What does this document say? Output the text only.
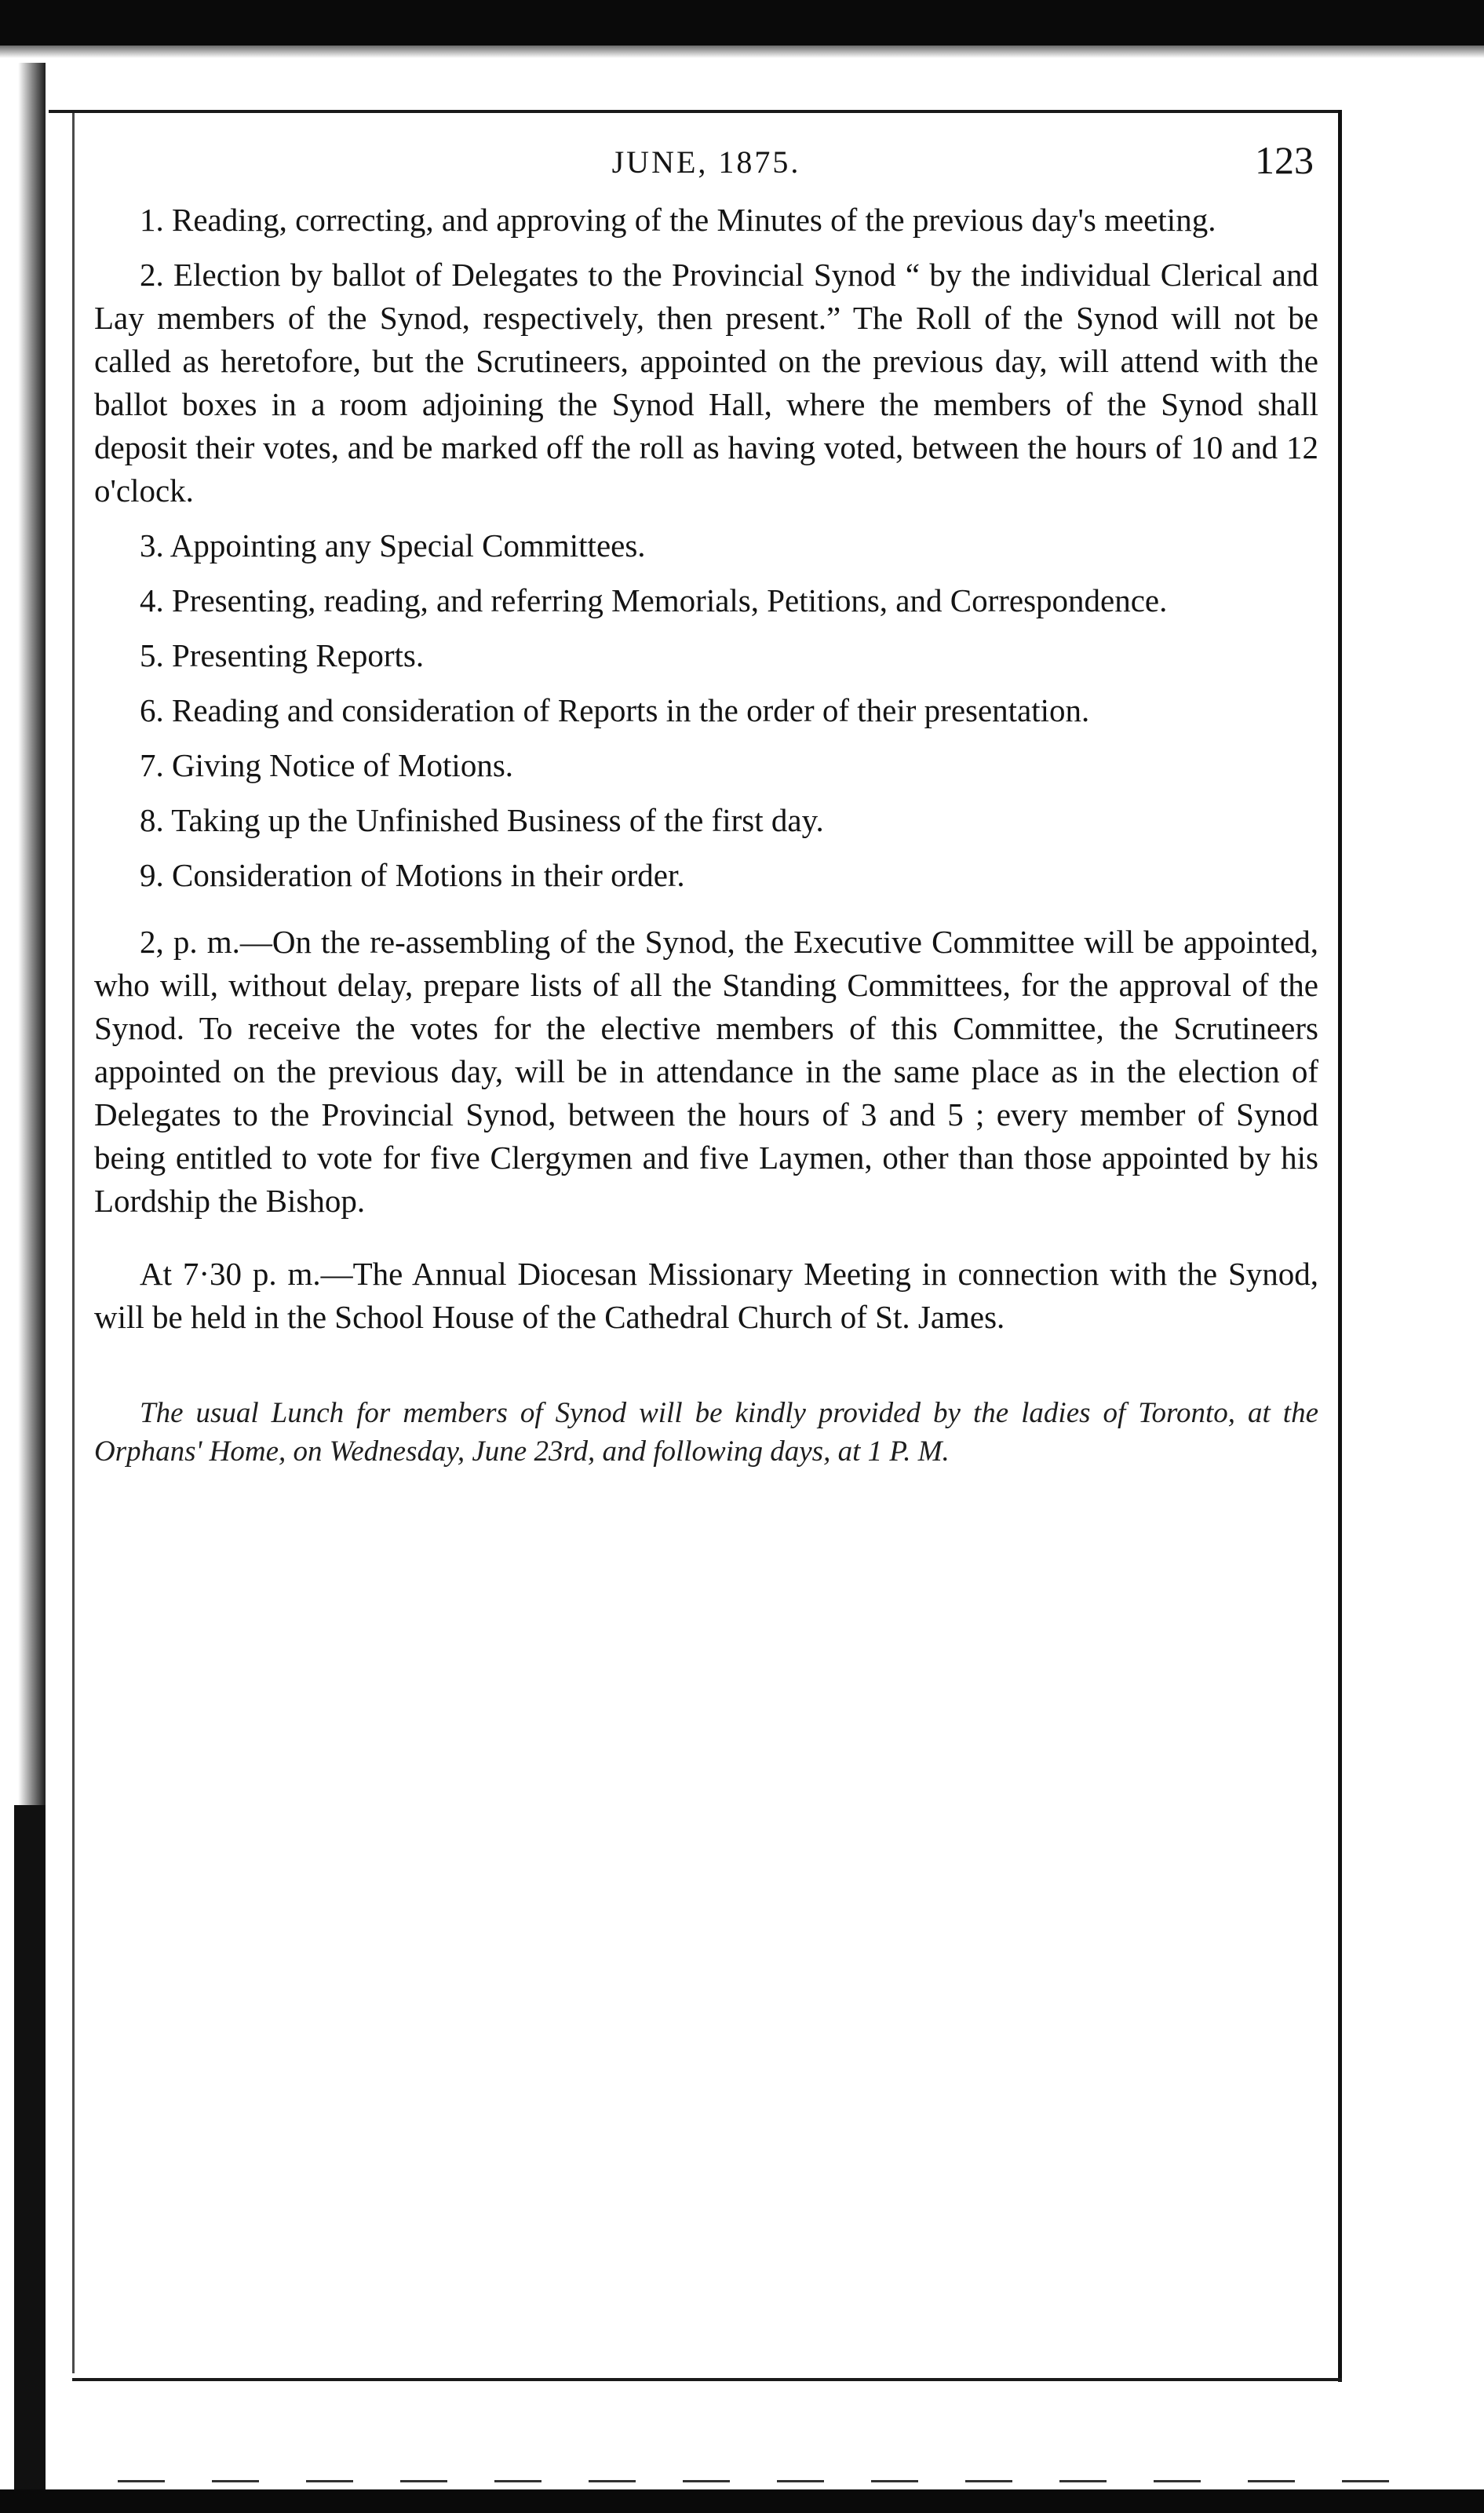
JUNE, 1875.	123

1. Reading, correcting, and approving of the Minutes of the previous day's meeting.

2. Election by ballot of Delegates to the Provincial Synod “ by the individual Clerical and Lay members of the Synod, respectively, then present.” The Roll of the Synod will not be called as heretofore, but the Scrutineers, appointed on the previous day, will attend with the ballot boxes in a room adjoining the Synod Hall, where the members of the Synod shall deposit their votes, and be marked off the roll as having voted, between the hours of 10 and 12 o'clock.

3. Appointing any Special Committees.

4. Presenting, reading, and referring Memorials, Petitions, and Correspondence.

5. Presenting Reports.

6. Reading and consideration of Reports in the order of their presentation.

7. Giving Notice of Motions.

8. Taking up the Unfinished Business of the first day.

9. Consideration of Motions in their order.

2, p. m.—On the re-assembling of the Synod, the Executive Committee will be appointed, who will, without delay, prepare lists of all the Standing Committees, for the approval of the Synod. To receive the votes for the elective members of this Committee, the Scrutineers appointed on the previous day, will be in attendance in the same place as in the election of Delegates to the Provincial Synod, between the hours of 3 and 5 ; every member of Synod being entitled to vote for five Clergymen and five Laymen, other than those appointed by his Lordship the Bishop.

At 7·30 p. m.—The Annual Diocesan Missionary Meeting in connection with the Synod, will be held in the School House of the Cathedral Church of St. James.

The usual Lunch for members of Synod will be kindly provided by the ladies of Toronto, at the Orphans' Home, on Wednesday, June 23rd, and following days, at 1 P. M.
